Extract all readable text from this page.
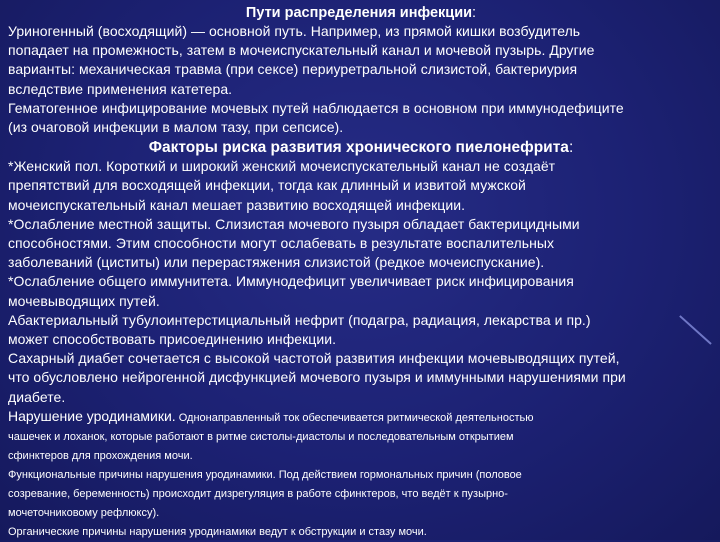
Пути распределения инфекции:

Уриногенный (восходящий) — основной путь. Например, из прямой кишки возбудитель

попадает на промежность, затем в мочеиспускательный канал и мочевой пузырь. Другие

варианты: механическая травма (при сексе) периуретральной слизистой, бактериурия

вследствие применения катетера.

Гематогенное инфицирование мочевых путей наблюдается в основном при иммунодефиците

(из очаговой инфекции в малом тазу, при сепсисе).

Факторы риска развития хронического пиелонефрита:

*Женский пол. Короткий и широкий женский мочеиспускательный канал не создаёт

препятствий для восходящей инфекции, тогда как длинный и извитой мужской

мочеиспускательный канал мешает развитию восходящей инфекции.

*Ослабление местной защиты. Слизистая мочевого пузыря обладает бактерицидными

способностями. Этим способности могут ослабевать в результате воспалительных

заболеваний (циститы) или перерастяжения слизистой (редкое мочеиспускание).

*Ослабление общего иммунитета. Иммунодефицит увеличивает риск инфицирования

мочевыводящих путей.

Абактериальный тубулоинтерстициальный нефрит (подагра, радиация, лекарства и пр.)

может способствовать присоединению инфекции.

Сахарный диабет сочетается с высокой частотой развития инфекции мочевыводящих путей,

что обусловлено нейрогенной дисфункцией мочевого пузыря и иммунными нарушениями при

диабете.

Нарушение уродинамики. Однонаправленный ток обеспечивается ритмической деятельностью

чашечек и лоханок, которые работают в ритме систолы-диастолы и последовательным открытием

сфинктеров для прохождения мочи.

Функциональные причины нарушения уродинамики. Под действием гормональных причин (половое

созревание, беременность) происходит дизрегуляция в работе сфинктеров, что ведёт к пузырно-

мочеточниковому рефлюксу).

Органические причины нарушения уродинамики ведут к обструкции и стазу мочи.
